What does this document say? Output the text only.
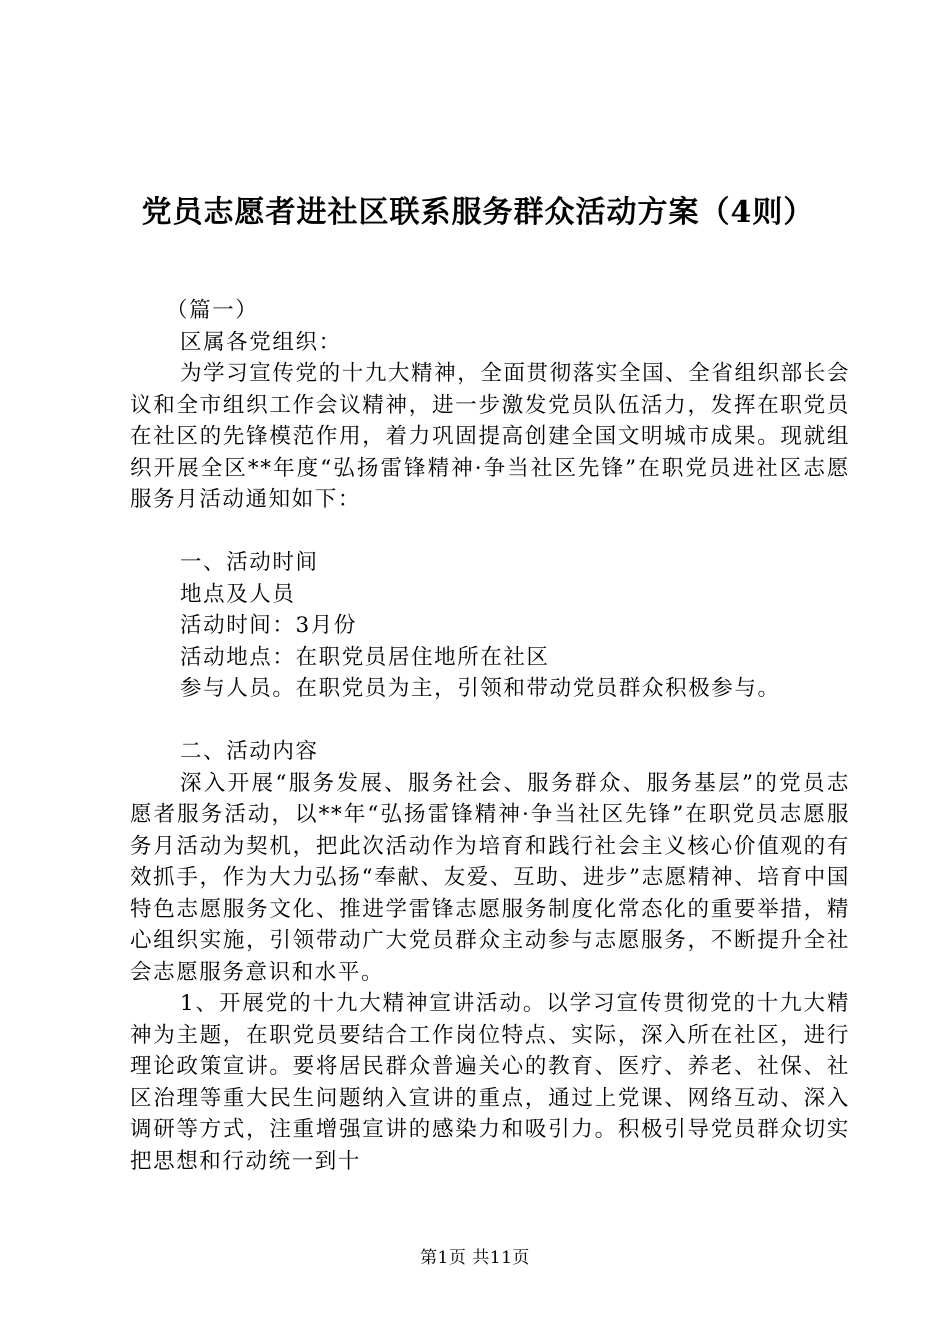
党员志愿者进社区联系服务群众活动方案（4则）

（篇一）

区属各党组织：

为学习宣传党的十九大精神，全面贯彻落实全国、全省组织部长会议和全市组织工作会议精神，进一步激发党员队伍活力，发挥在职党员在社区的先锋模范作用，着力巩固提高创建全国文明城市成果。现就组织开展全区**年度“弘扬雷锋精神·争当社区先锋”在职党员进社区志愿服务月活动通知如下：

一、活动时间

地点及人员

活动时间：3月份

活动地点：在职党员居住地所在社区

参与人员。在职党员为主，引领和带动党员群众积极参与。

二、活动内容

深入开展“服务发展、服务社会、服务群众、服务基层”的党员志愿者服务活动，以**年“弘扬雷锋精神·争当社区先锋”在职党员志愿服务月活动为契机，把此次活动作为培育和践行社会主义核心价值观的有效抓手，作为大力弘扬“奉献、友爱、互助、进步”志愿精神、培育中国特色志愿服务文化、推进学雷锋志愿服务制度化常态化的重要举措，精心组织实施，引领带动广大党员群众主动参与志愿服务，不断提升全社会志愿服务意识和水平。

1、开展党的十九大精神宣讲活动。以学习宣传贯彻党的十九大精神为主题，在职党员要结合工作岗位特点、实际，深入所在社区，进行理论政策宣讲。要将居民群众普遍关心的教育、医疗、养老、社保、社区治理等重大民生问题纳入宣讲的重点，通过上党课、网络互动、深入调研等方式，注重增强宣讲的感染力和吸引力。积极引导党员群众切实把思想和行动统一到十

第1页 共11页
